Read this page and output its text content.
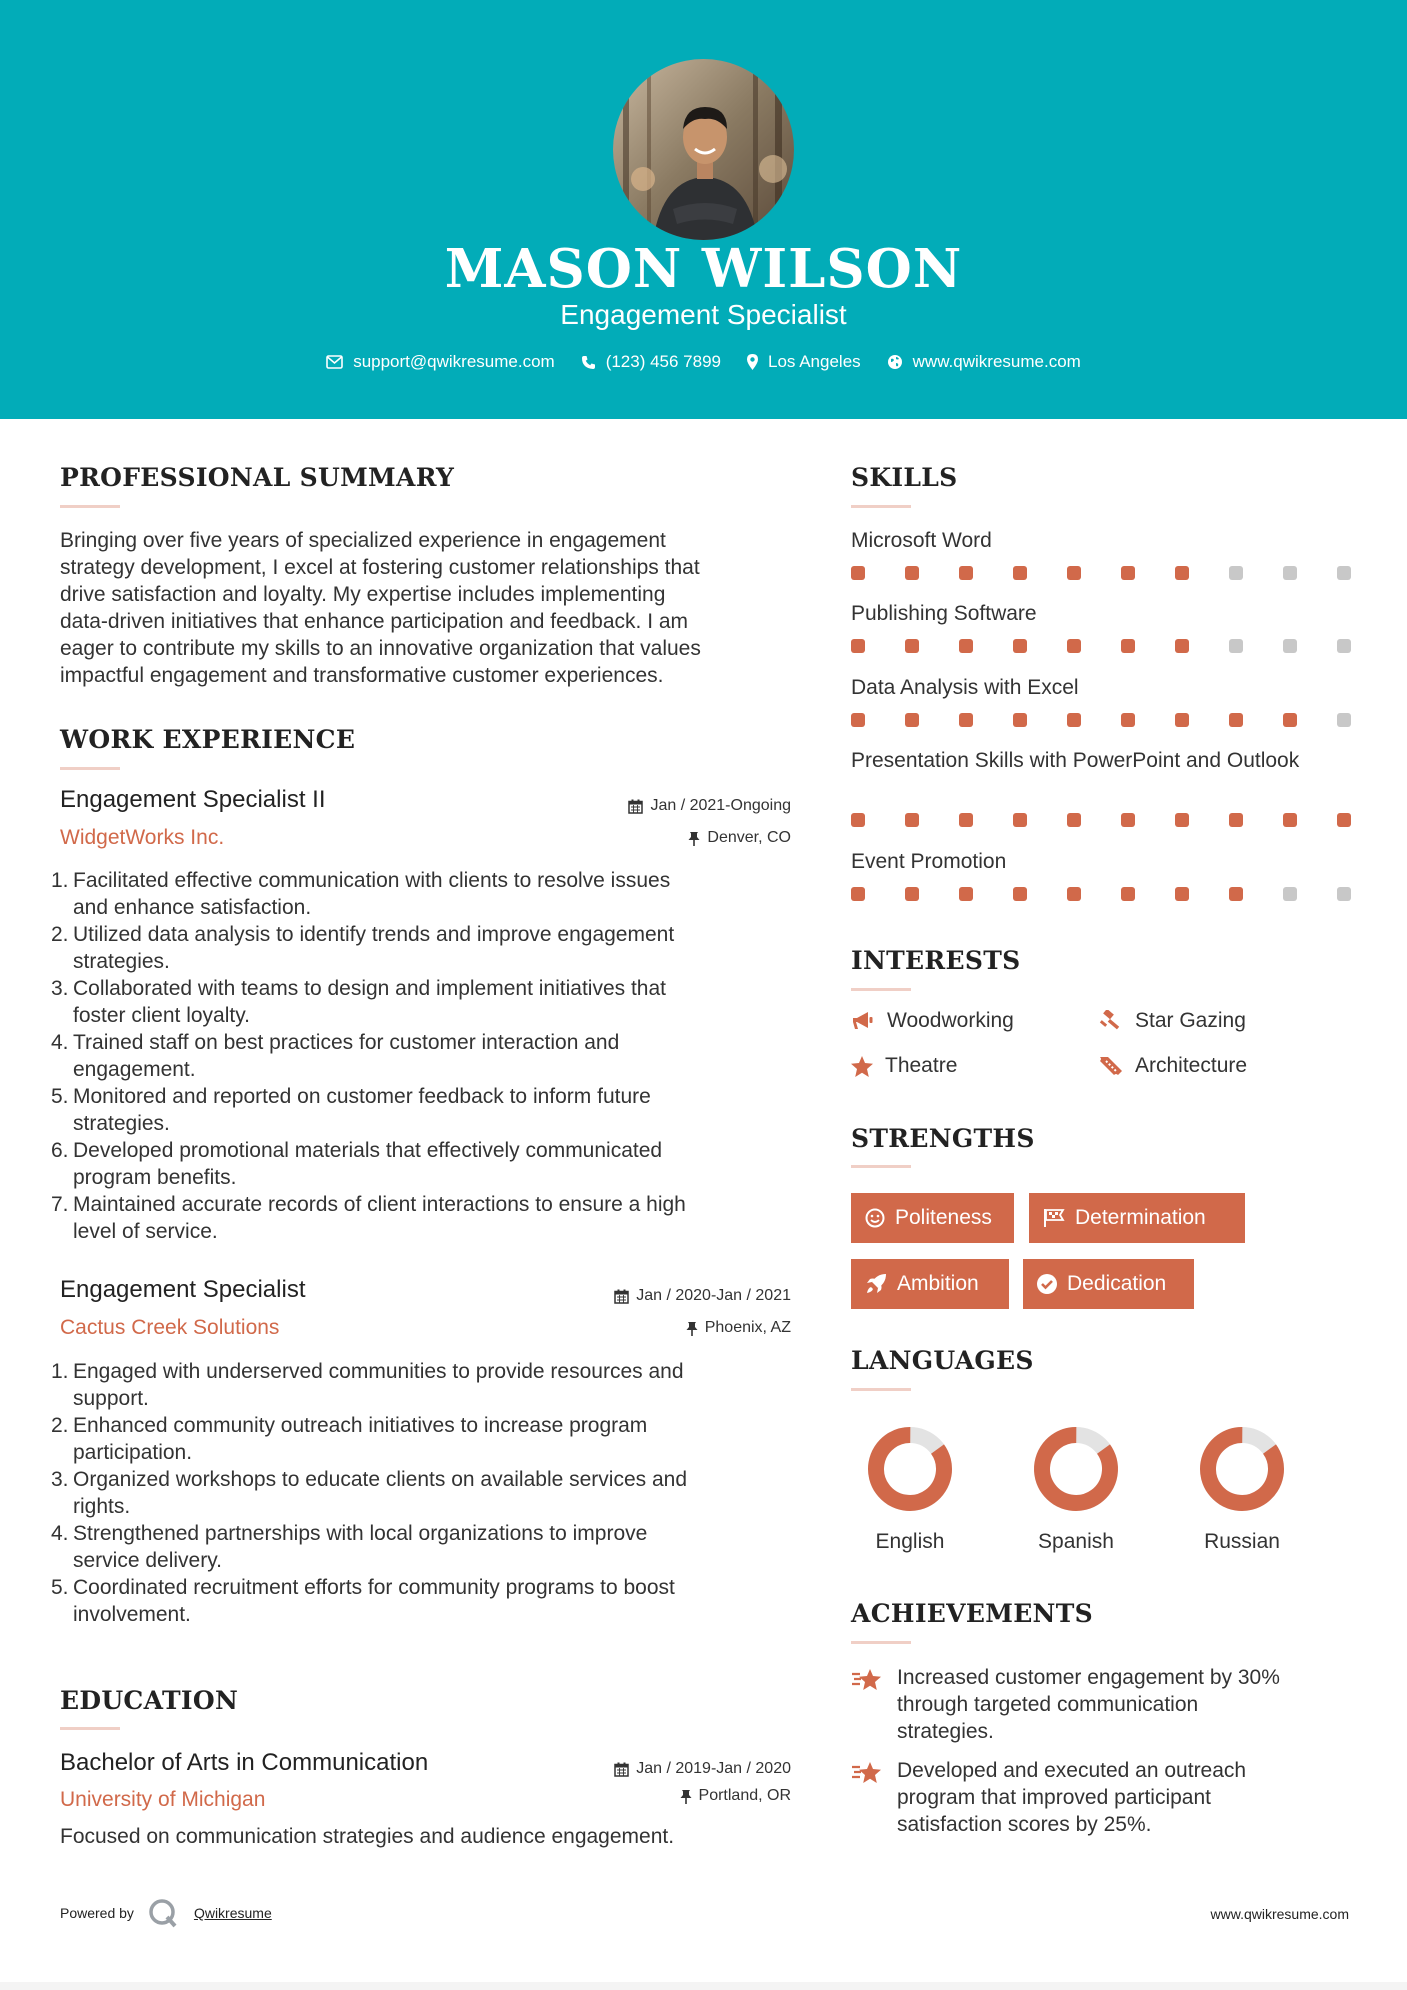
MASON WILSON
Engagement Specialist
support@qwikresume.com	(123) 456 7899	Los Angeles	www.qwikresume.com
PROFESSIONAL SUMMARY
Bringing over five years of specialized experience in engagement
strategy development, I excel at fostering customer relationships that
drive satisfaction and loyalty. My expertise includes implementing
data-driven initiatives that enhance participation and feedback. I am
eager to contribute my skills to an innovative organization that values
impactful engagement and transformative customer experiences.
WORK EXPERIENCE
Engagement Specialist II	Jan / 2021-Ongoing
WidgetWorks Inc.	Denver, CO
1. Facilitated effective communication with clients to resolve issues
and enhance satisfaction.
2. Utilized data analysis to identify trends and improve engagement
strategies.
3. Collaborated with teams to design and implement initiatives that
foster client loyalty.
4. Trained staff on best practices for customer interaction and
engagement.
5. Monitored and reported on customer feedback to inform future
strategies.
6. Developed promotional materials that effectively communicated
program benefits.
7. Maintained accurate records of client interactions to ensure a high
level of service.
Engagement Specialist	Jan / 2020-Jan / 2021
Cactus Creek Solutions	Phoenix, AZ
1. Engaged with underserved communities to provide resources and
support.
2. Enhanced community outreach initiatives to increase program
participation.
3. Organized workshops to educate clients on available services and
rights.
4. Strengthened partnerships with local organizations to improve
service delivery.
5. Coordinated recruitment efforts for community programs to boost
involvement.
EDUCATION
Bachelor of Arts in Communication	Jan / 2019-Jan / 2020
University of Michigan	Portland, OR
Focused on communication strategies and audience engagement.
SKILLS
Microsoft Word
Publishing Software
Data Analysis with Excel
Presentation Skills with PowerPoint and Outlook
Event Promotion
INTERESTS
Woodworking	Star Gazing
Theatre	Architecture
STRENGTHS
Politeness	Determination
Ambition	Dedication
LANGUAGES
English	Spanish	Russian
ACHIEVEMENTS
Increased customer engagement by 30%
through targeted communication
strategies.
Developed and executed an outreach
program that improved participant
satisfaction scores by 25%.
Powered by	Qwikresume	www.qwikresume.com
